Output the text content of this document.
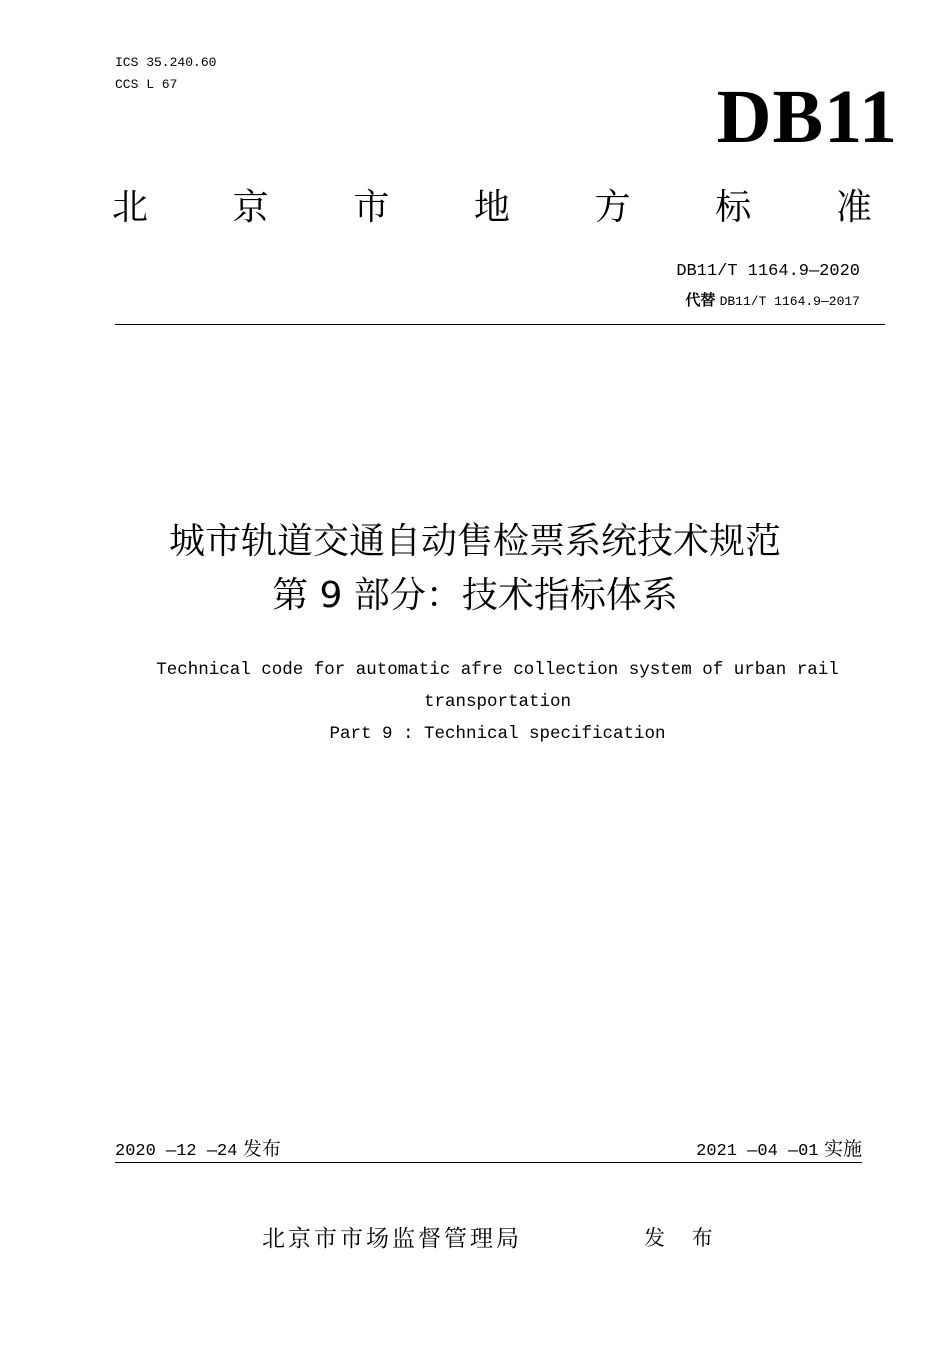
ICS 35.240.60
CCS L 67	DB11
北 京 市 地 方 标 准
DB11/T 1164.9—2020
代替 DB11/T 1164.9—2017
城市轨道交通自动售检票系统技术规范
第 9 部分：技术指标体系
Technical code for automatic afre collection system of urban rail transportation
Part 9 : Technical specification
2020 —12 —24 发布	2021 —04 —01 实施
北京市市场监督管理局	发 布
